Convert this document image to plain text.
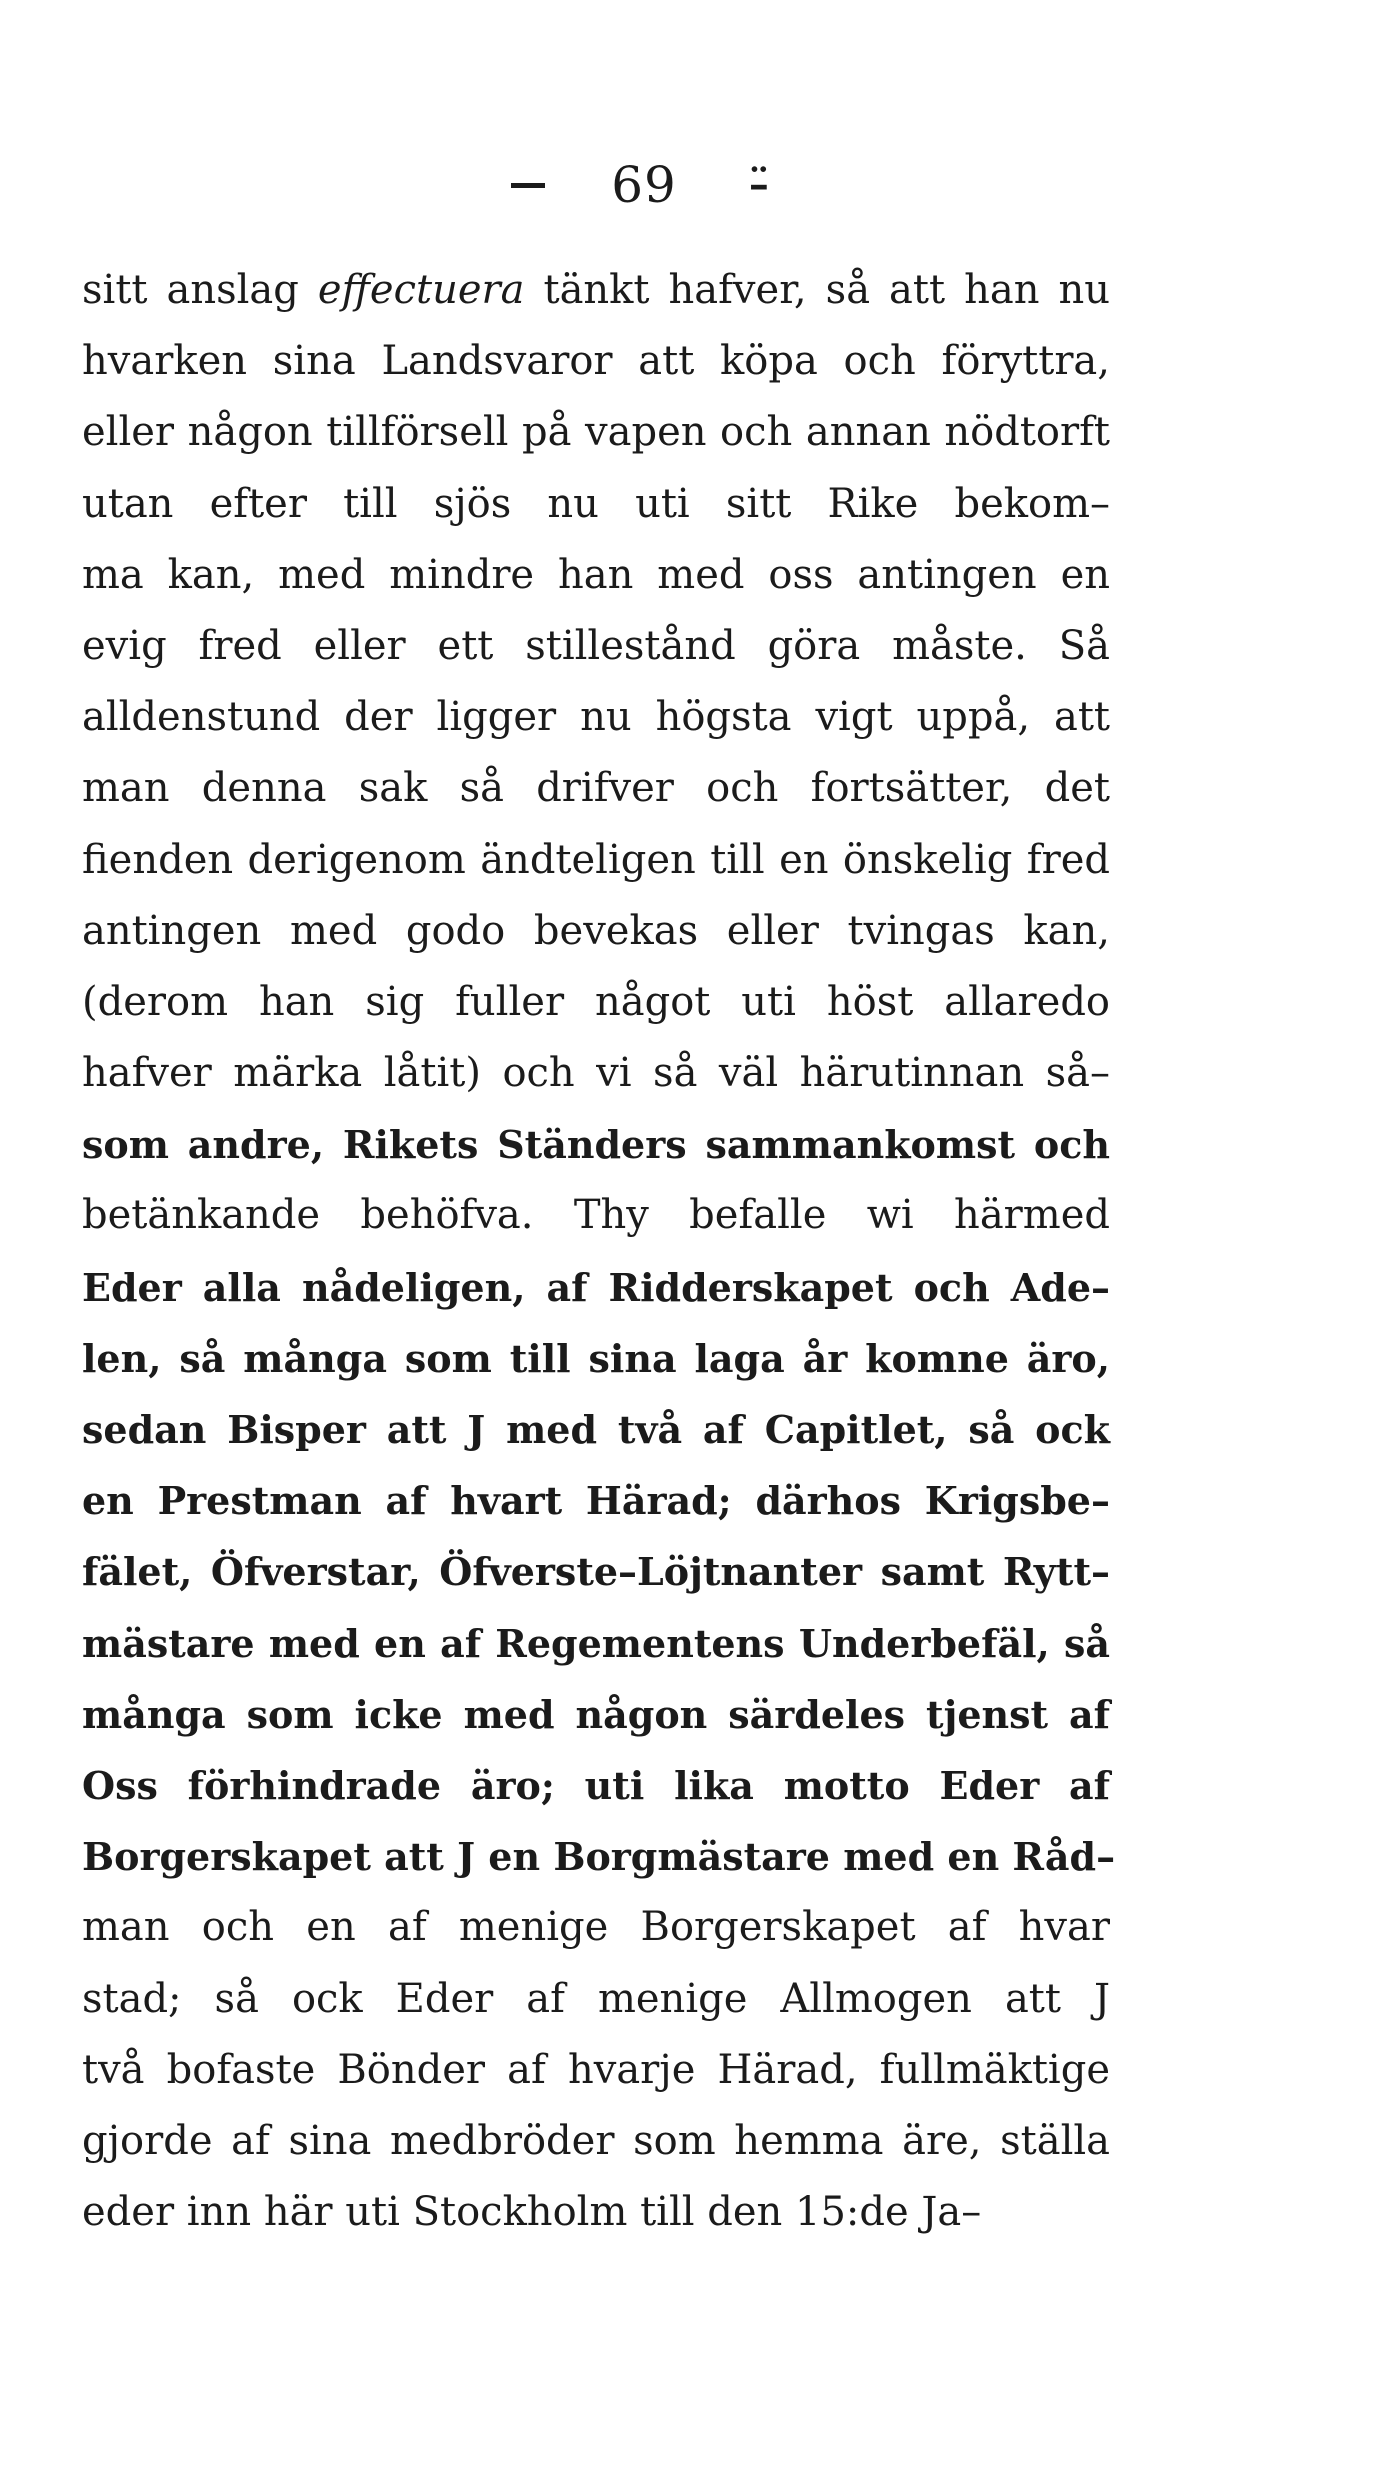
69 –̈
sitt anslag effectuera tänkt hafver, så att han nu
hvarken sina Landsvaror att köpa och föryttra,
eller någon tillförsell på vapen och annan nödtorft
utan efter till sjös nu uti sitt Rike bekom–
ma kan, med mindre han med oss antingen en
evig fred eller ett stillestånd göra måste. Så
alldenstund der ligger nu högsta vigt uppå, att
man denna sak så drifver och fortsätter, det
fienden derigenom ändteligen till en önskelig fred
antingen med godo bevekas eller tvingas kan,
(derom han sig fuller något uti höst allaredo
hafver märka låtit) och vi så väl härutinnan så–
som andre, Rikets Ständers sammankomst och
betänkande behöfva. Thy befalle wi härmed
Eder alla nådeligen, af Ridderskapet och Ade–
len, så många som till sina laga år komne äro,
sedan Bisper att J med två af Capitlet, så ock
en Prestman af hvart Härad; därhos Krigsbe–
fälet, Öfverstar, Öfverste–Löjtnanter samt Rytt–
mästare med en af Regementens Underbefäl, så
många som icke med någon särdeles tjenst af
Oss förhindrade äro; uti lika motto Eder af
Borgerskapet att J en Borgmästare med en Råd–
man och en af menige Borgerskapet af hvar
stad; så ock Eder af menige Allmogen att J
två bofaste Bönder af hvarje Härad, fullmäktige
gjorde af sina medbröder som hemma äre, ställa
eder inn här uti Stockholm till den 15:de Ja–
